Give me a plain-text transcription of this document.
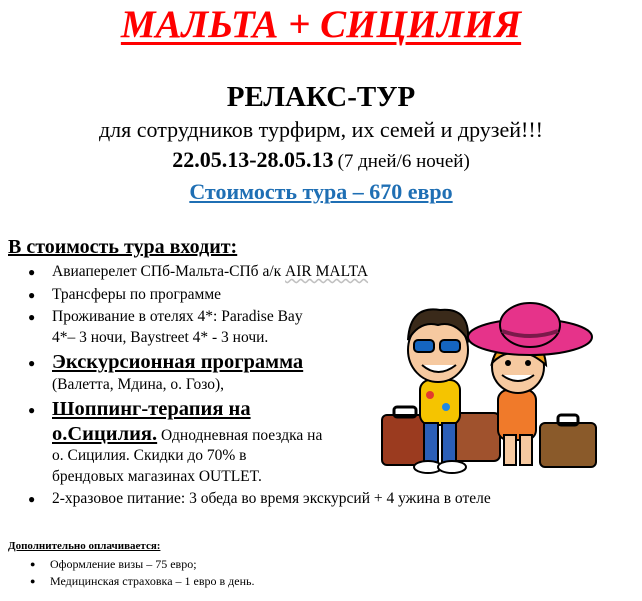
МАЛЬТА + СИЦИЛИЯ
РЕЛАКС-ТУР
для сотрудников турфирм, их семей и друзей!!!
22.05.13-28.05.13 (7 дней/6 ночей)
Стоимость тура – 670 евро
В стоимость тура входит:
● Авиаперелет СПб-Мальта-СПб а/к AIR MALTA
● Трансферы по программе
● Проживание в отелях 4*: Paradise Bay
4*– 3 ночи, Baystreet 4* - 3 ночи.
● Экскурсионная программа
(Валетта, Мдина, о. Гозо),
● Шоппинг-терапия на
о.Сицилия. Однодневная поездка на
о. Сицилия. Скидки до 70% в
брендовых магазинах OUTLET.
● 2-хразовое питание: 3 обеда во время экскурсий + 4 ужина в отеле
Дополнительно оплачивается:
● Оформление визы – 75 евро;
● Медицинская страховка – 1 евро в день.
